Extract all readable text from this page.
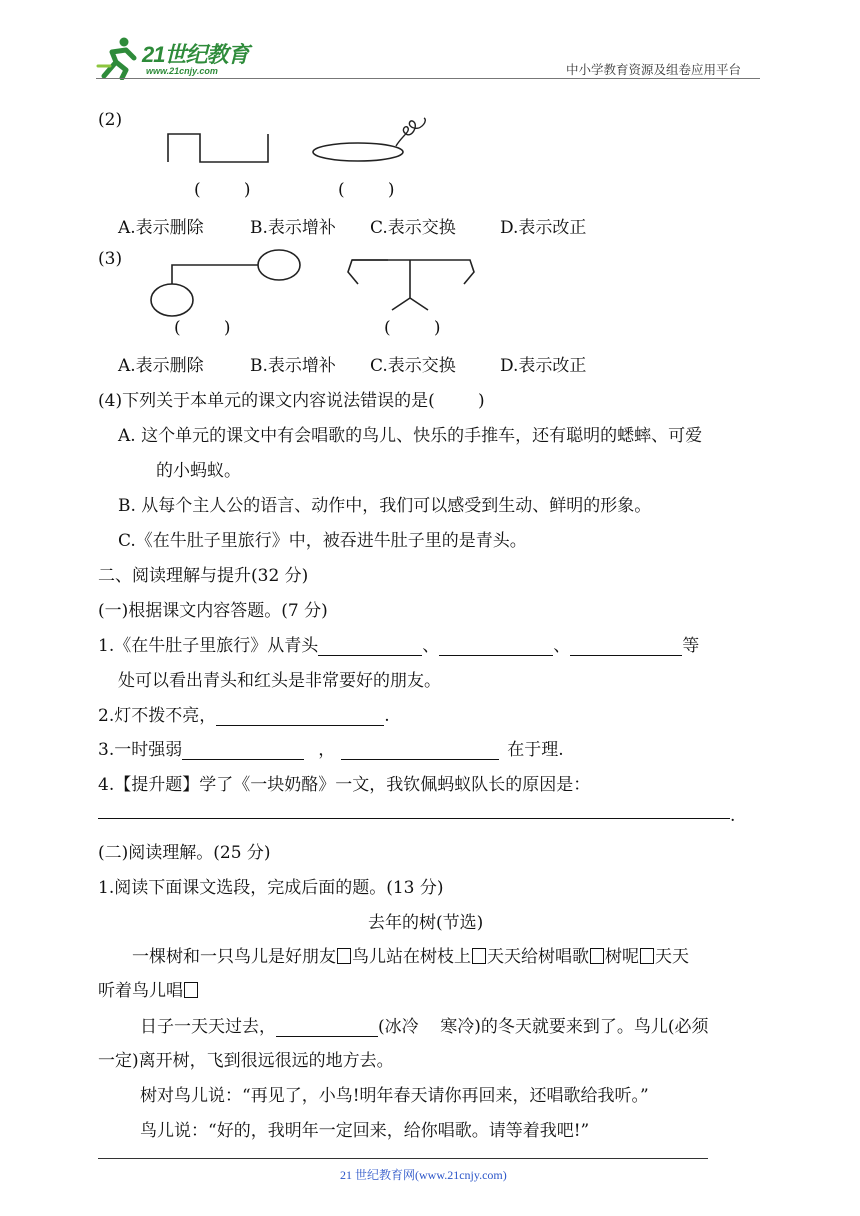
21世纪教育
www.21cnjy.com	中小学教育资源及组卷应用平台
(2)
(        )	(        )
A.表示删除	B.表示增补 C.表示交换	D.表示改正
(3)
(        )	(        )
A.表示删除	B.表示增补 C.表示交换	D.表示改正
(4)下列关于本单元的课文内容说法错误的是(        )
A. 这个单元的课文中有会唱歌的鸟儿、快乐的手推车，还有聪明的蟋蟀、可爱
的小蚂蚁。
B. 从每个主人公的语言、动作中，我们可以感受到生动、鲜明的形象。
C.《在牛肚子里旅行》中，被吞进牛肚子里的是青头。
二、阅读理解与提升(32 分)
(一)根据课文内容答题。(7 分)
1.《在牛肚子里旅行》从青头	、	、	等
处可以看出青头和红头是非常要好的朋友。
2.灯不拨不亮，	.
3.一时强弱	，	在于理.
4.【提升题】学了《一块奶酪》一文，我钦佩蚂蚁队长的原因是：
.
(二)阅读理解。(25 分)
1.阅读下面课文选段，完成后面的题。(13 分)
去年的树(节选)
一棵树和一只鸟儿是好朋友 鸟儿站在树枝上 天天给树唱歌 树呢 天天
听着鸟儿唱
日子一天天过去，	(冰冷    寒冷)的冬天就要来到了。鸟儿(必须
一定)离开树，飞到很远很远的地方去。
树对鸟儿说：“再见了，小鸟!明年春天请你再回来，还唱歌给我听。”
鸟儿说：“好的，我明年一定回来，给你唱歌。请等着我吧!”
21 世纪教育网(www.21cnjy.com)
